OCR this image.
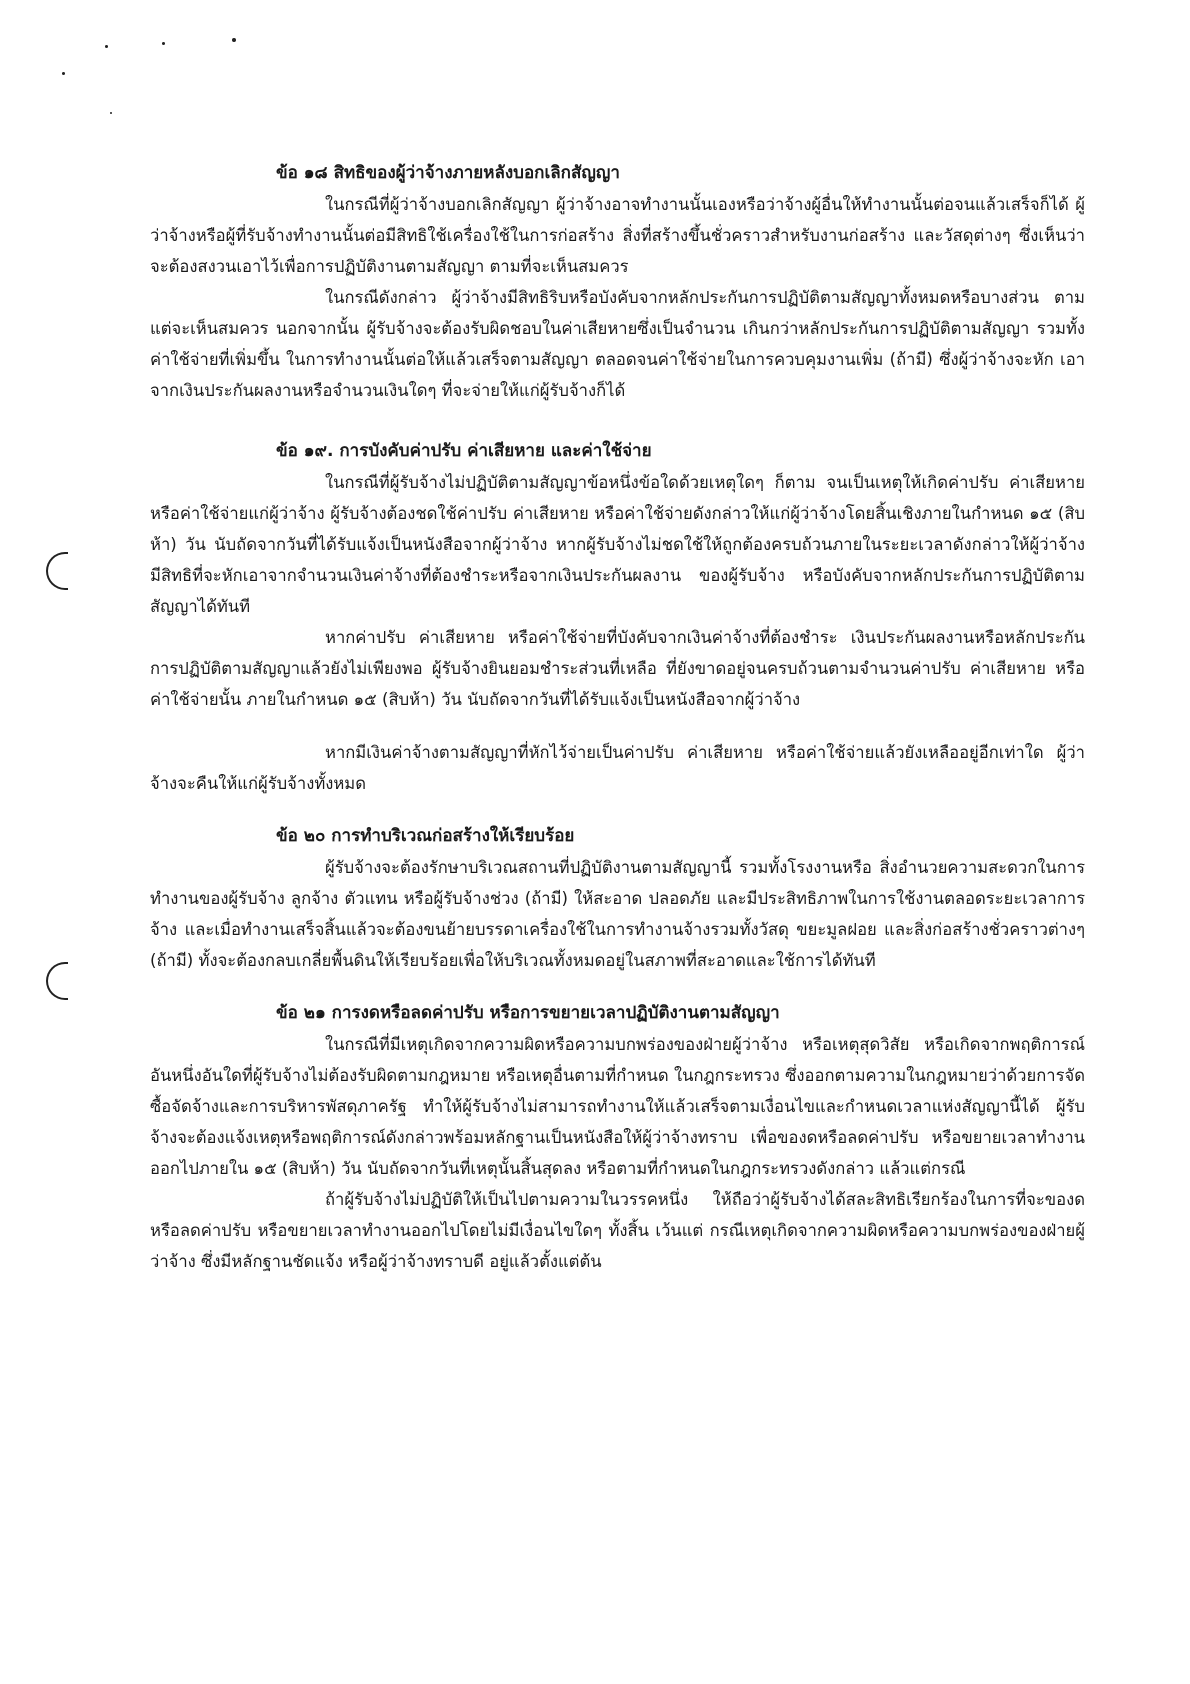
ข้อ ๑๘ สิทธิของผู้ว่าจ้างภายหลังบอกเลิกสัญญา

ในกรณีที่ผู้ว่าจ้างบอกเลิกสัญญา ผู้ว่าจ้างอาจทำงานนั้นเองหรือว่าจ้างผู้อื่นให้ทำงานนั้นต่อจนแล้วเสร็จก็ได้ ผู้ว่าจ้างหรือผู้ที่รับจ้างทำงานนั้นต่อมีสิทธิใช้เครื่องใช้ในการก่อสร้าง สิ่งที่สร้างขึ้นชั่วคราวสำหรับงานก่อสร้าง และวัสดุต่างๆ ซึ่งเห็นว่าจะต้องสงวนเอาไว้เพื่อการปฏิบัติงานตามสัญญา ตามที่จะเห็นสมควร

ในกรณีดังกล่าว ผู้ว่าจ้างมีสิทธิริบหรือบังคับจากหลักประกันการปฏิบัติตามสัญญาทั้งหมดหรือบางส่วน ตามแต่จะเห็นสมควร นอกจากนั้น ผู้รับจ้างจะต้องรับผิดชอบในค่าเสียหายซึ่งเป็นจำนวน เกินกว่าหลักประกันการปฏิบัติตามสัญญา รวมทั้งค่าใช้จ่ายที่เพิ่มขึ้น ในการทำงานนั้นต่อให้แล้วเสร็จตามสัญญา ตลอดจนค่าใช้จ่ายในการควบคุมงานเพิ่ม (ถ้ามี) ซึ่งผู้ว่าจ้างจะหัก เอาจากเงินประกันผลงานหรือจำนวนเงินใดๆ ที่จะจ่ายให้แก่ผู้รับจ้างก็ได้

ข้อ ๑๙. การบังคับค่าปรับ ค่าเสียหาย และค่าใช้จ่าย

ในกรณีที่ผู้รับจ้างไม่ปฏิบัติตามสัญญาข้อหนึ่งข้อใดด้วยเหตุใดๆ ก็ตาม จนเป็นเหตุให้เกิดค่าปรับ ค่าเสียหาย หรือค่าใช้จ่ายแก่ผู้ว่าจ้าง ผู้รับจ้างต้องชดใช้ค่าปรับ ค่าเสียหาย หรือค่าใช้จ่ายดังกล่าวให้แก่ผู้ว่าจ้างโดยสิ้นเชิงภายในกำหนด ๑๕ (สิบห้า) วัน นับถัดจากวันที่ได้รับแจ้งเป็นหนังสือจากผู้ว่าจ้าง หากผู้รับจ้างไม่ชดใช้ให้ถูกต้องครบถ้วนภายในระยะเวลาดังกล่าวให้ผู้ว่าจ้างมีสิทธิที่จะหักเอาจากจำนวนเงินค่าจ้างที่ต้องชำระหรือจากเงินประกันผลงาน ของผู้รับจ้าง หรือบังคับจากหลักประกันการปฏิบัติตามสัญญาได้ทันที

หากค่าปรับ ค่าเสียหาย หรือค่าใช้จ่ายที่บังคับจากเงินค่าจ้างที่ต้องชำระ เงินประกันผลงานหรือหลักประกันการปฏิบัติตามสัญญาแล้วยังไม่เพียงพอ ผู้รับจ้างยินยอมชำระส่วนที่เหลือ ที่ยังขาดอยู่จนครบถ้วนตามจำนวนค่าปรับ ค่าเสียหาย หรือค่าใช้จ่ายนั้น ภายในกำหนด ๑๕ (สิบห้า) วัน นับถัดจากวันที่ได้รับแจ้งเป็นหนังสือจากผู้ว่าจ้าง

หากมีเงินค่าจ้างตามสัญญาที่หักไว้จ่ายเป็นค่าปรับ ค่าเสียหาย หรือค่าใช้จ่ายแล้วยังเหลืออยู่อีกเท่าใด ผู้ว่าจ้างจะคืนให้แก่ผู้รับจ้างทั้งหมด

ข้อ ๒๐ การทำบริเวณก่อสร้างให้เรียบร้อย

ผู้รับจ้างจะต้องรักษาบริเวณสถานที่ปฏิบัติงานตามสัญญานี้ รวมทั้งโรงงานหรือ สิ่งอำนวยความสะดวกในการทำงานของผู้รับจ้าง ลูกจ้าง ตัวแทน หรือผู้รับจ้างช่วง (ถ้ามี) ให้สะอาด ปลอดภัย และมีประสิทธิภาพในการใช้งานตลอดระยะเวลาการจ้าง และเมื่อทำงานเสร็จสิ้นแล้วจะต้องขนย้ายบรรดาเครื่องใช้ในการทำงานจ้างรวมทั้งวัสดุ ขยะมูลฝอย และสิ่งก่อสร้างชั่วคราวต่างๆ (ถ้ามี) ทั้งจะต้องกลบเกลี่ยพื้นดินให้เรียบร้อยเพื่อให้บริเวณทั้งหมดอยู่ในสภาพที่สะอาดและใช้การได้ทันที

ข้อ ๒๑ การงดหรือลดค่าปรับ หรือการขยายเวลาปฏิบัติงานตามสัญญา

ในกรณีที่มีเหตุเกิดจากความผิดหรือความบกพร่องของฝ่ายผู้ว่าจ้าง หรือเหตุสุดวิสัย หรือเกิดจากพฤติการณ์อันหนึ่งอันใดที่ผู้รับจ้างไม่ต้องรับผิดตามกฎหมาย หรือเหตุอื่นตามที่กำหนด ในกฎกระทรวง ซึ่งออกตามความในกฎหมายว่าด้วยการจัดซื้อจัดจ้างและการบริหารพัสดุภาครัฐ ทำให้ผู้รับจ้างไม่สามารถทำงานให้แล้วเสร็จตามเงื่อนไขและกำหนดเวลาแห่งสัญญานี้ได้ ผู้รับจ้างจะต้องแจ้งเหตุหรือพฤติการณ์ดังกล่าวพร้อมหลักฐานเป็นหนังสือให้ผู้ว่าจ้างทราบ เพื่อของดหรือลดค่าปรับ หรือขยายเวลาทำงานออกไปภายใน ๑๕ (สิบห้า) วัน นับถัดจากวันที่เหตุนั้นสิ้นสุดลง หรือตามที่กำหนดในกฎกระทรวงดังกล่าว แล้วแต่กรณี

ถ้าผู้รับจ้างไม่ปฏิบัติให้เป็นไปตามความในวรรคหนึ่ง ให้ถือว่าผู้รับจ้างได้สละสิทธิเรียกร้องในการที่จะของดหรือลดค่าปรับ หรือขยายเวลาทำงานออกไปโดยไม่มีเงื่อนไขใดๆ ทั้งสิ้น เว้นแต่ กรณีเหตุเกิดจากความผิดหรือความบกพร่องของฝ่ายผู้ว่าจ้าง ซึ่งมีหลักฐานชัดแจ้ง หรือผู้ว่าจ้างทราบดี อยู่แล้วตั้งแต่ต้น
